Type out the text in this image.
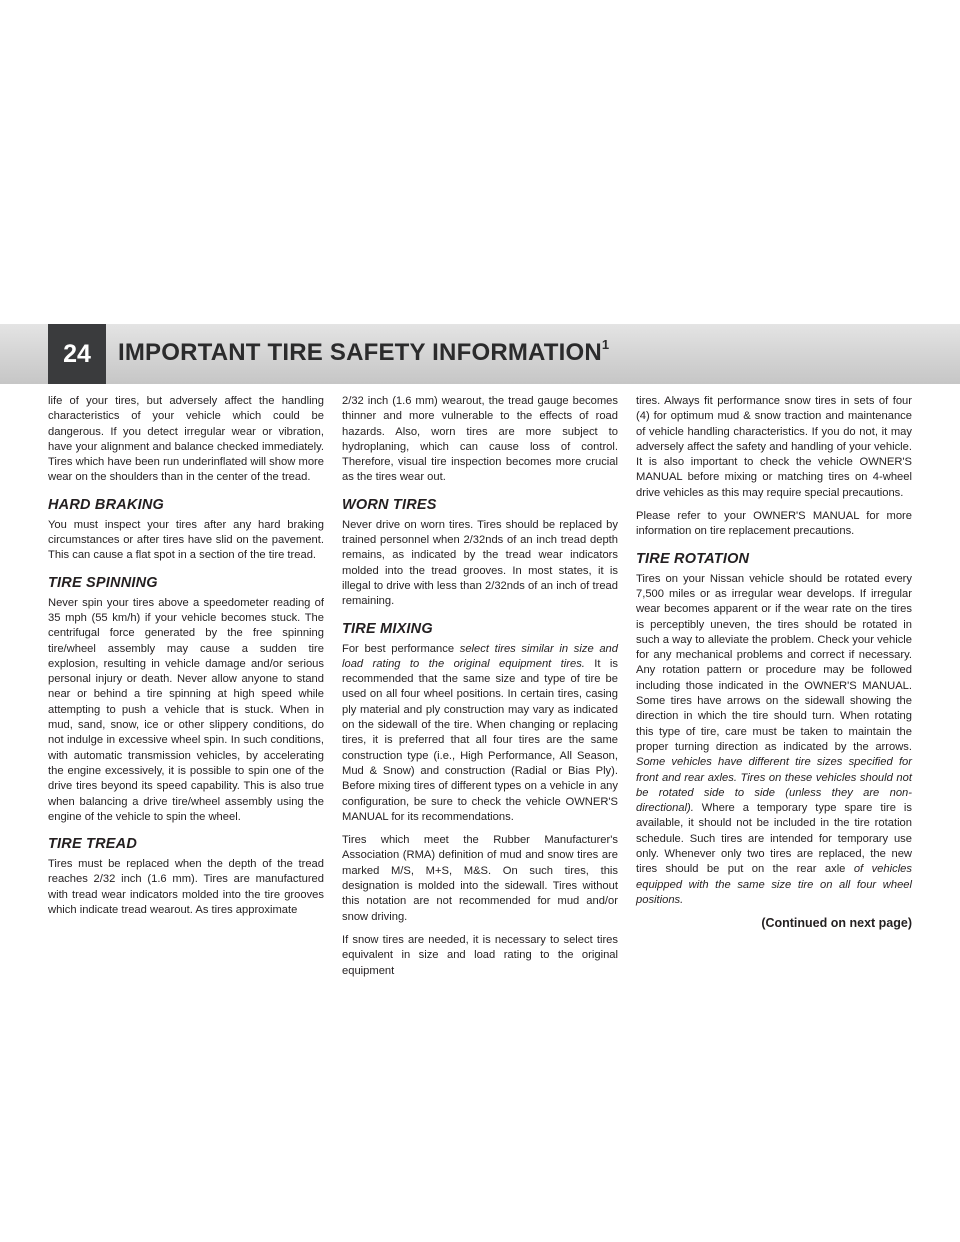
24	IMPORTANT TIRE SAFETY INFORMATION$^1$

life of your tires, but adversely affect the handling characteristics of your vehicle which could be dangerous. If you detect irregular wear or vibration, have your alignment and balance checked immediately. Tires which have been run underinflated will show more wear on the shoulders than in the center of the tread.

HARD BRAKING

You must inspect your tires after any hard braking circumstances or after tires have slid on the pavement. This can cause a flat spot in a section of the tire tread.

TIRE SPINNING

Never spin your tires above a speedometer reading of 35 mph (55 km/h) if your vehicle becomes stuck. The centrifugal force generated by the free spinning tire/wheel assembly may cause a sudden tire explosion, resulting in vehicle damage and/or serious personal injury or death. Never allow anyone to stand near or behind a tire spinning at high speed while attempting to push a vehicle that is stuck. When in mud, sand, snow, ice or other slippery conditions, do not indulge in excessive wheel spin. In such conditions, with automatic transmission vehicles, by accelerating the engine excessively, it is possible to spin one of the drive tires beyond its speed capability. This is also true when balancing a drive tire/wheel assembly using the engine of the vehicle to spin the wheel.

TIRE TREAD

Tires must be replaced when the depth of the tread reaches 2/32 inch (1.6 mm). Tires are manufactured with tread wear indicators molded into the tire grooves which indicate tread wearout. As tires approximate

2/32 inch (1.6 mm) wearout, the tread gauge becomes thinner and more vulnerable to the effects of road hazards. Also, worn tires are more subject to hydroplaning, which can cause loss of control. Therefore, visual tire inspection becomes more crucial as the tires wear out.

WORN TIRES

Never drive on worn tires. Tires should be replaced by trained personnel when 2/32nds of an inch tread depth remains, as indicated by the tread wear indicators molded into the tread grooves. In most states, it is illegal to drive with less than 2/32nds of an inch of tread remaining.

TIRE MIXING

For best performance select tires similar in size and load rating to the original equipment tires. It is recommended that the same size and type of tire be used on all four wheel positions. In certain tires, casing ply material and ply construction may vary as indicated on the sidewall of the tire. When changing or replacing tires, it is preferred that all four tires are the same construction type (i.e., High Performance, All Season, Mud & Snow) and construction (Radial or Bias Ply). Before mixing tires of different types on a vehicle in any configuration, be sure to check the vehicle OWNER'S MANUAL for its recommendations.

Tires which meet the Rubber Manufacturer's Association (RMA) definition of mud and snow tires are marked M/S, M+S, M&S. On such tires, this designation is molded into the sidewall. Tires without this notation are not recommended for mud and/or snow driving.

If snow tires are needed, it is necessary to select tires equivalent in size and load rating to the original equipment

tires. Always fit performance snow tires in sets of four (4) for optimum mud & snow traction and maintenance of vehicle handling characteristics. If you do not, it may adversely affect the safety and handling of your vehicle. It is also important to check the vehicle OWNER'S MANUAL before mixing or matching tires on 4-wheel drive vehicles as this may require special precautions.

Please refer to your OWNER'S MANUAL for more information on tire replacement precautions.

TIRE ROTATION

Tires on your Nissan vehicle should be rotated every 7,500 miles or as irregular wear develops. If irregular wear becomes apparent or if the wear rate on the tires is perceptibly uneven, the tires should be rotated in such a way to alleviate the problem. Check your vehicle for any mechanical problems and correct if necessary. Any rotation pattern or procedure may be followed including those indicated in the OWNER'S MANUAL. Some tires have arrows on the sidewall showing the direction in which the tire should turn. When rotating this type of tire, care must be taken to maintain the proper turning direction as indicated by the arrows. Some vehicles have different tire sizes specified for front and rear axles. Tires on these vehicles should not be rotated side to side (unless they are non-directional). Where a temporary type spare tire is available, it should not be included in the tire rotation schedule. Such tires are intended for temporary use only. Whenever only two tires are replaced, the new tires should be put on the rear axle of vehicles equipped with the same size tire on all four wheel positions.

(Continued on next page)
